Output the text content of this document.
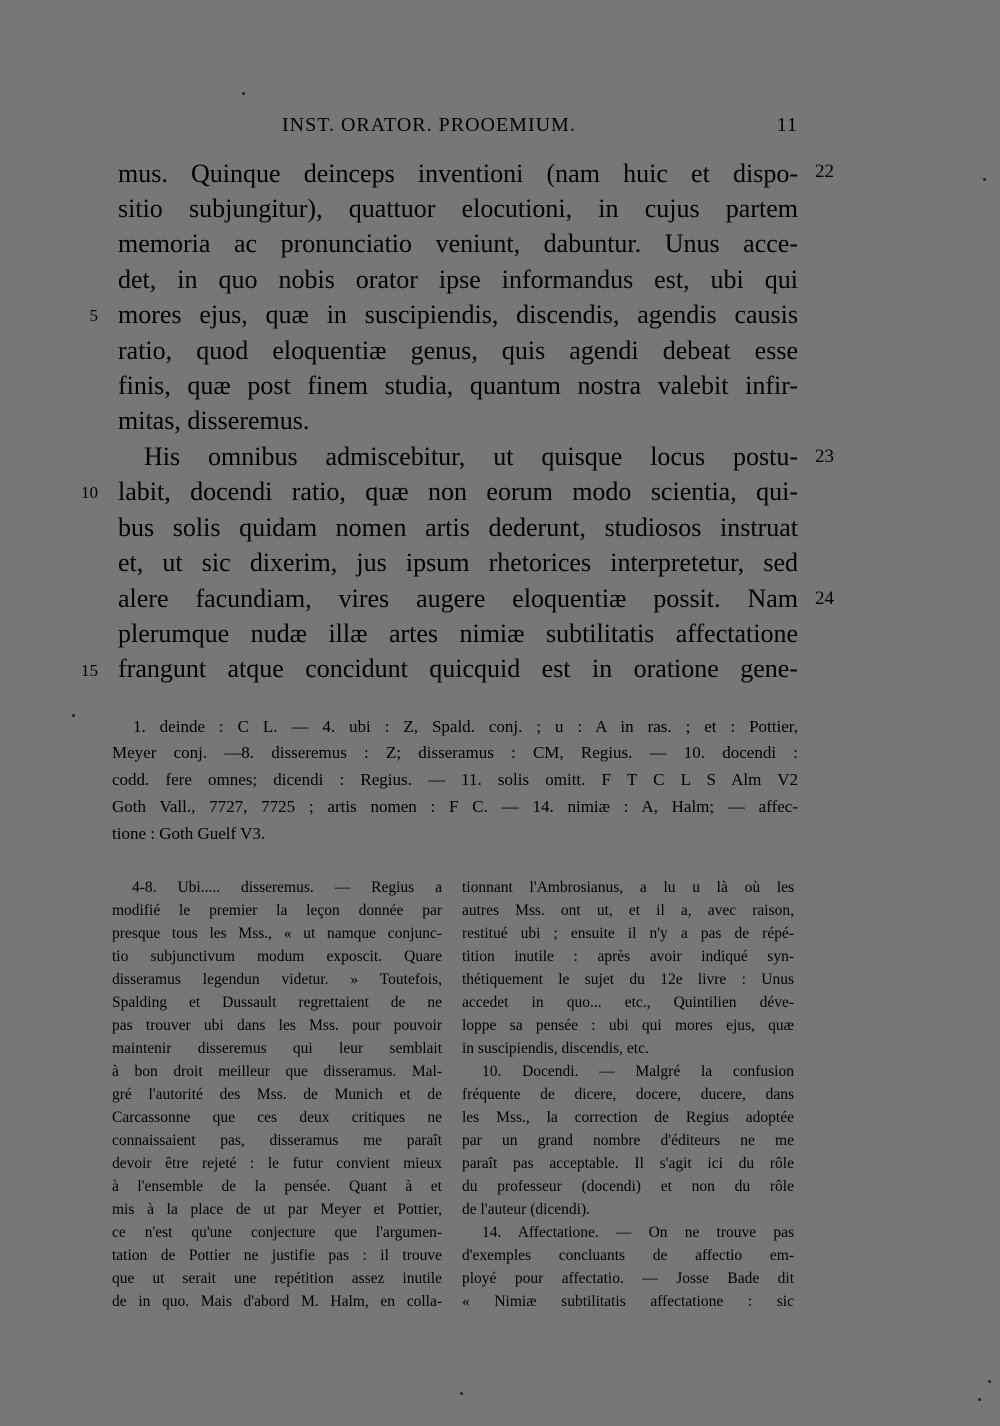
INST. ORATOR. PROOEMIUM.	11
mus. Quinque deinceps inventioni (nam huic et dispo-
sitio subjungitur), quattuor elocutioni, in cujus partem
memoria ac pronunciatio veniunt, dabuntur. Unus acce-
det, in quo nobis orator ipse informandus est, ubi qui
mores ejus, quæ in suscipiendis, discendis, agendis causis
ratio, quod eloquentiæ genus, quis agendi debeat esse
finis, quæ post finem studia, quantum nostra valebit infir-
mitas, disseremus.
His omnibus admiscebitur, ut quisque locus postu-
labit, docendi ratio, quæ non eorum modo scientia, qui-
bus solis quidam nomen artis dederunt, studiosos instruat
et, ut sic dixerim, jus ipsum rhetorices interpretetur, sed
alere facundiam, vires augere eloquentiæ possit. Nam
plerumque nudæ illæ artes nimiæ subtilitatis affectatione
frangunt atque concidunt quicquid est in oratione gene-
5
10
15
22
23
24
1. deinde : C L. — 4. ubi : Z, Spald. conj. ; u : A in ras. ; et : Pottier,
Meyer conj. —8. disseremus : Z; disseramus : CM, Regius. — 10. docendi :
codd. fere omnes; dicendi : Regius. — 11. solis omitt. F T C L S Alm V2
Goth Vall., 7727, 7725 ; artis nomen : F C. — 14. nimiæ : A, Halm; — affec-
tione : Goth Guelf V3.
4-8. Ubi..... disseremus. — Regius a
modifié le premier la leçon donnée par
presque tous les Mss., « ut namque conjunc-
tio subjunctivum modum exposcit. Quare
disseramus legendun videtur. » Toutefois,
Spalding et Dussault regrettaient de ne
pas trouver ubi dans les Mss. pour pouvoir
maintenir disseremus qui leur semblait
à bon droit meilleur que disseramus. Mal-
gré l'autorité des Mss. de Munich et de
Carcassonne que ces deux critiques ne
connaissaient pas, disseramus me paraît
devoir être rejeté : le futur convient mieux
à l'ensemble de la pensée. Quant à et
mis à la place de ut par Meyer et Pottier,
ce n'est qu'une conjecture que l'argumen-
tation de Pottier ne justifie pas : il trouve
que ut serait une repétition assez inutile
de in quo. Mais d'abord M. Halm, en colla-
tionnant l'Ambrosianus, a lu u là où les
autres Mss. ont ut, et il a, avec raison,
restitué ubi ; ensuite il n'y a pas de répé-
tition inutile : après avoir indiqué syn-
thétiquement le sujet du 12e livre : Unus
accedet in quo... etc., Quintilien déve-
loppe sa pensée : ubi qui mores ejus, quæ
in suscipiendis, discendis, etc.
10. Docendi. — Malgré la confusion
fréquente de dicere, docere, ducere, dans
les Mss., la correction de Regius adoptée
par un grand nombre d'éditeurs ne me
paraît pas acceptable. Il s'agit ici du rôle
du professeur (docendi) et non du rôle
de l'auteur (dicendi).
14. Affectatione. — On ne trouve pas
d'exemples concluants de affectio em-
ployé pour affectatio. — Josse Bade dit
« Nimiæ subtilitatis affectatione : sic
